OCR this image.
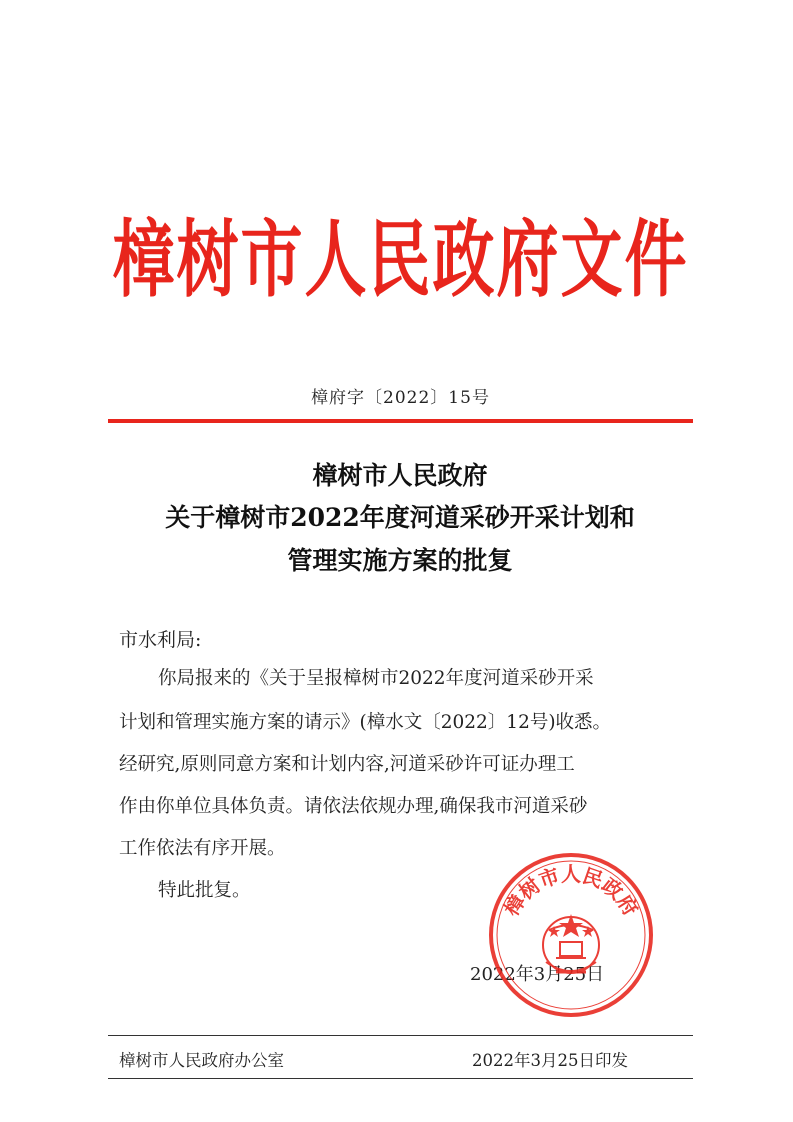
樟树市人民政府文件
樟府字〔2022〕15号
樟树市人民政府
关于樟树市2022年度河道采砂开采计划和
管理实施方案的批复
市水利局:
你局报来的《关于呈报樟树市2022年度河道采砂开采
计划和管理实施方案的请示》(樟水文〔2022〕12号)收悉。
经研究,原则同意方案和计划内容,河道采砂许可证办理工
作由你单位具体负责。请依法依规办理,确保我市河道采砂
工作依法有序开展。
特此批复。
2022年3月25日
樟树市人民政府
樟树市人民政府办公室	2022年3月25日印发
